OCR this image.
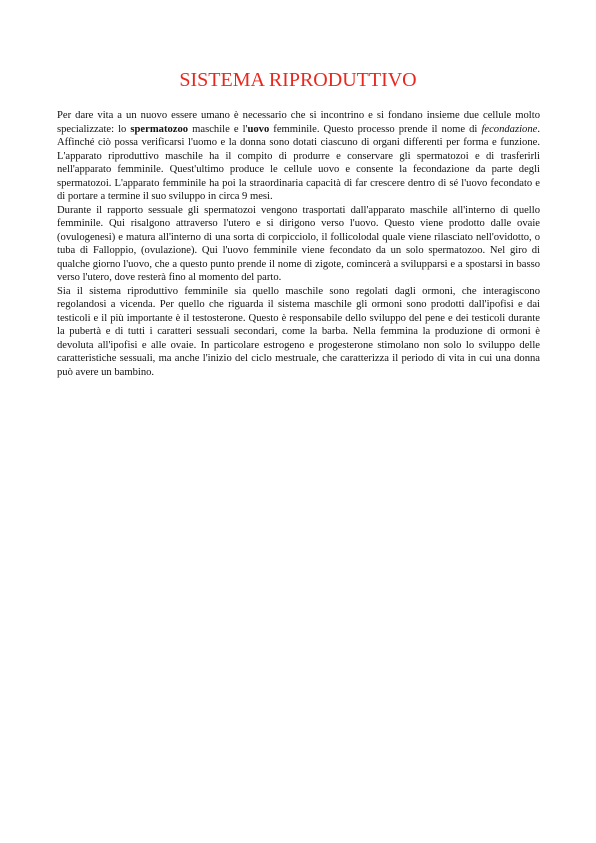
SISTEMA RIPRODUTTIVO

Per dare vita a un nuovo essere umano è necessario che si incontrino e si fondano insieme due cellule molto specializzate: lo spermatozoo maschile e l'uovo femminile. Questo processo prende il nome di fecondazione. Affinché ciò possa verificarsi l'uomo e la donna sono dotati ciascuno di organi differenti per forma e funzione. L'apparato riproduttivo maschile ha il compito di produrre e conservare gli spermatozoi e di trasferirli nell'apparato femminile. Quest'ultimo produce le cellule uovo e consente la fecondazione da parte degli spermatozoi. L'apparato femminile ha poi la straordinaria capacità di far crescere dentro di sé l'uovo fecondato e di portare a termine il suo sviluppo in circa 9 mesi.

Durante il rapporto sessuale gli spermatozoi vengono trasportati dall'apparato maschile all'interno di quello femminile. Qui risalgono attraverso l'utero e si dirigono verso l'uovo. Questo viene prodotto dalle ovaie (ovulogenesi) e matura all'interno di una sorta di corpicciolo, il follicolodal quale viene rilasciato nell'ovidotto, o tuba di Falloppio, (ovulazione). Qui l'uovo femminile viene fecondato da un solo spermatozoo. Nel giro di qualche giorno l'uovo, che a questo punto prende il nome di zigote, comincerà a svilupparsi e a spostarsi in basso verso l'utero, dove resterà fino al momento del parto.

Sia il sistema riproduttivo femminile sia quello maschile sono regolati dagli ormoni, che interagiscono regolandosi a vicenda. Per quello che riguarda il sistema maschile gli ormoni sono prodotti dall'ipofisi e dai testicoli e il più importante è il testosterone. Questo è responsabile dello sviluppo del pene e dei testicoli durante la pubertà e di tutti i caratteri sessuali secondari, come la barba. Nella femmina la produzione di ormoni è devoluta all'ipofisi e alle ovaie. In particolare estrogeno e progesterone stimolano non solo lo sviluppo delle caratteristiche sessuali, ma anche l'inizio del ciclo mestruale, che caratterizza il periodo di vita in cui una donna può avere un bambino.
